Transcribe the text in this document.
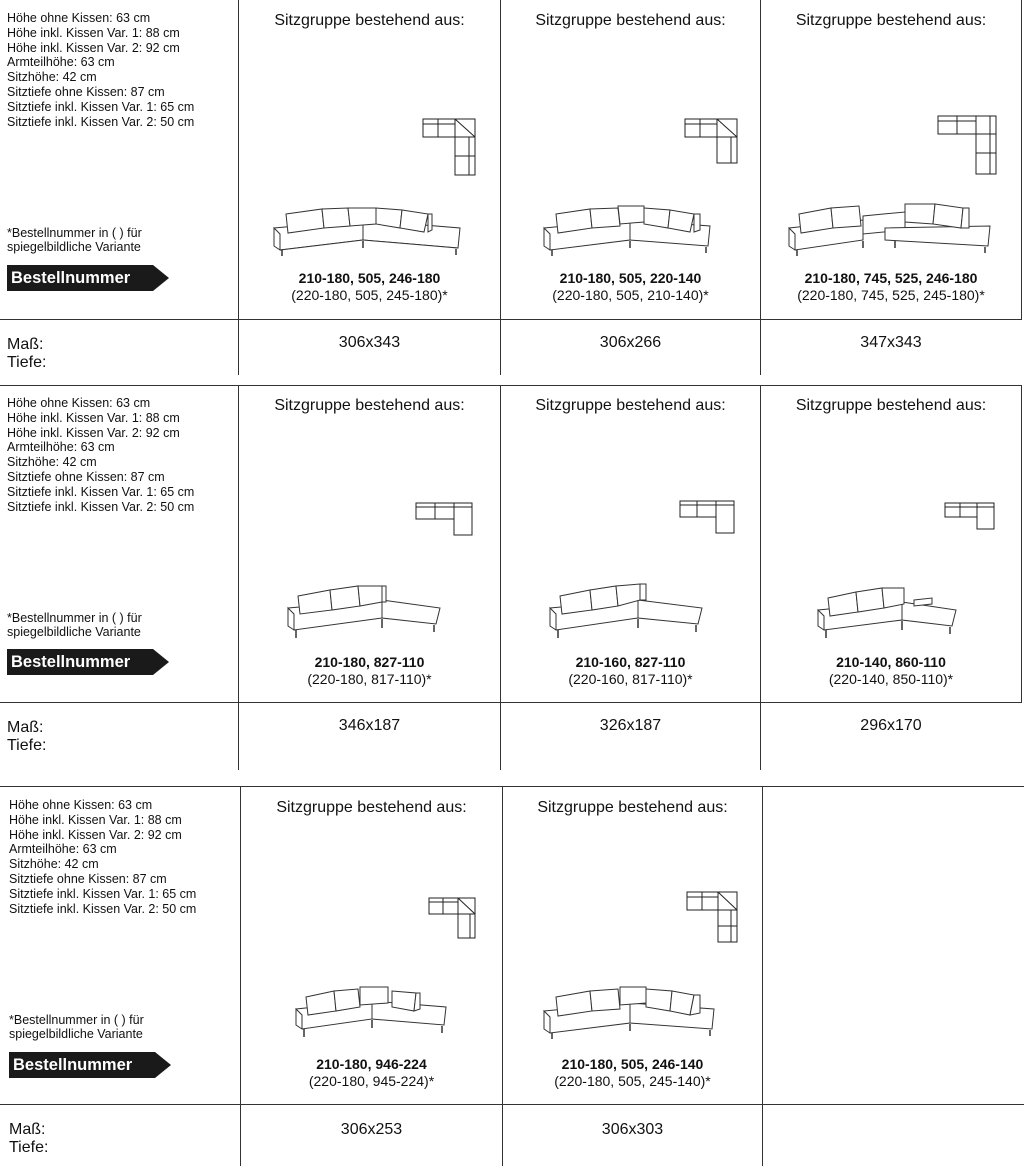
Höhe ohne Kissen: 63 cm
Höhe inkl. Kissen Var. 1: 88 cm
Höhe inkl. Kissen Var. 2: 92 cm
Armteilhöhe: 63 cm
Sitzhöhe: 42 cm
Sitztiefe ohne Kissen: 87 cm
Sitztiefe inkl. Kissen Var. 1: 65 cm
Sitztiefe inkl. Kissen Var. 2: 50 cm
*Bestellnummer in ( ) für
spiegelbildliche Variante
Bestellnummer
Maß:
Tiefe:
Sitzgruppe bestehend aus:
210-180, 505, 246-180
(220-180, 505, 245-180)*
306x343
Sitzgruppe bestehend aus:
210-180, 505, 220-140
(220-180, 505, 210-140)*
306x266
Sitzgruppe bestehend aus:
210-180, 745, 525, 246-180
(220-180, 745, 525, 245-180)*
347x343
Höhe ohne Kissen: 63 cm
Höhe inkl. Kissen Var. 1: 88 cm
Höhe inkl. Kissen Var. 2: 92 cm
Armteilhöhe: 63 cm
Sitzhöhe: 42 cm
Sitztiefe ohne Kissen: 87 cm
Sitztiefe inkl. Kissen Var. 1: 65 cm
Sitztiefe inkl. Kissen Var. 2: 50 cm
*Bestellnummer in ( ) für
spiegelbildliche Variante
Bestellnummer
Maß:
Tiefe:
Sitzgruppe bestehend aus:
210-180, 827-110
(220-180, 817-110)*
346x187
Sitzgruppe bestehend aus:
210-160, 827-110
(220-160, 817-110)*
326x187
Sitzgruppe bestehend aus:
210-140, 860-110
(220-140, 850-110)*
296x170
Höhe ohne Kissen: 63 cm
Höhe inkl. Kissen Var. 1: 88 cm
Höhe inkl. Kissen Var. 2: 92 cm
Armteilhöhe: 63 cm
Sitzhöhe: 42 cm
Sitztiefe ohne Kissen: 87 cm
Sitztiefe inkl. Kissen Var. 1: 65 cm
Sitztiefe inkl. Kissen Var. 2: 50 cm
*Bestellnummer in ( ) für
spiegelbildliche Variante
Bestellnummer
Maß:
Tiefe:
Sitzgruppe bestehend aus:
210-180, 946-224
(220-180, 945-224)*
306x253
Sitzgruppe bestehend aus:
210-180, 505, 246-140
(220-180, 505, 245-140)*
306x303
